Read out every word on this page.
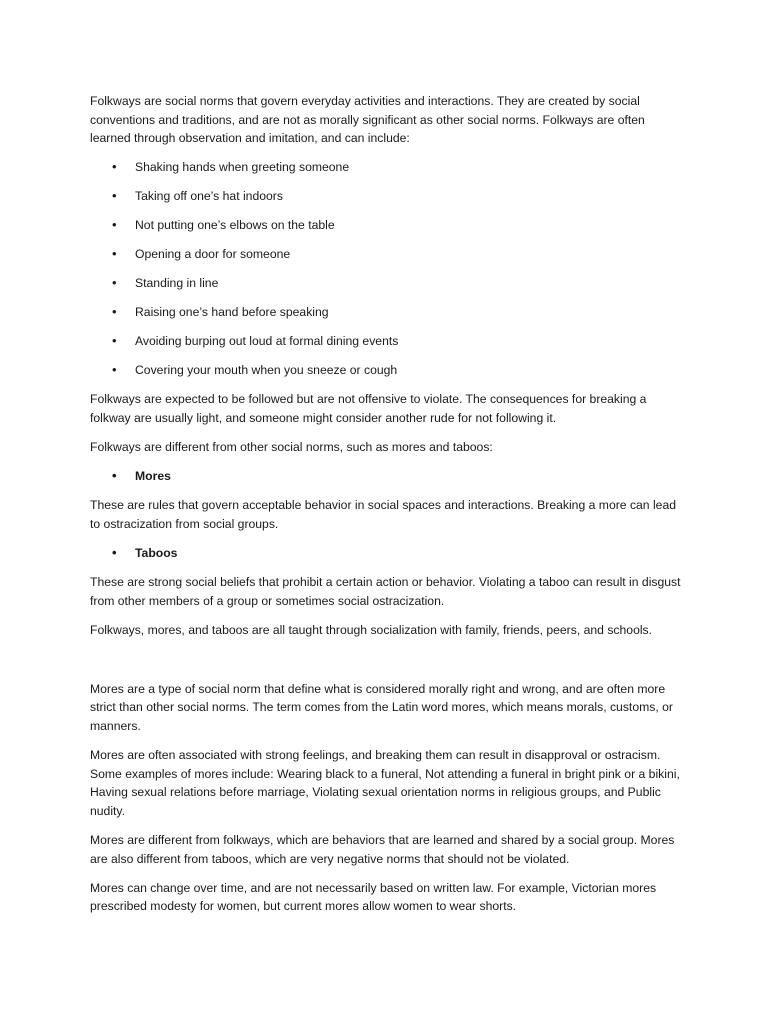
Folkways are social norms that govern everyday activities and interactions. They are created by social conventions and traditions, and are not as morally significant as other social norms. Folkways are often learned through observation and imitation, and can include:

• Shaking hands when greeting someone
• Taking off one’s hat indoors
• Not putting one’s elbows on the table
• Opening a door for someone
• Standing in line
• Raising one’s hand before speaking
• Avoiding burping out loud at formal dining events
• Covering your mouth when you sneeze or cough

Folkways are expected to be followed but are not offensive to violate. The consequences for breaking a folkway are usually light, and someone might consider another rude for not following it.

Folkways are different from other social norms, such as mores and taboos:

• Mores

These are rules that govern acceptable behavior in social spaces and interactions. Breaking a more can lead to ostracization from social groups.

• Taboos

These are strong social beliefs that prohibit a certain action or behavior. Violating a taboo can result in disgust from other members of a group or sometimes social ostracization.

Folkways, mores, and taboos are all taught through socialization with family, friends, peers, and schools.

Mores are a type of social norm that define what is considered morally right and wrong, and are often more strict than other social norms. The term comes from the Latin word mores, which means morals, customs, or manners.

Mores are often associated with strong feelings, and breaking them can result in disapproval or ostracism. Some examples of mores include: Wearing black to a funeral, Not attending a funeral in bright pink or a bikini, Having sexual relations before marriage, Violating sexual orientation norms in religious groups, and Public nudity.

Mores are different from folkways, which are behaviors that are learned and shared by a social group. Mores are also different from taboos, which are very negative norms that should not be violated.

Mores can change over time, and are not necessarily based on written law. For example, Victorian mores prescribed modesty for women, but current mores allow women to wear shorts.
